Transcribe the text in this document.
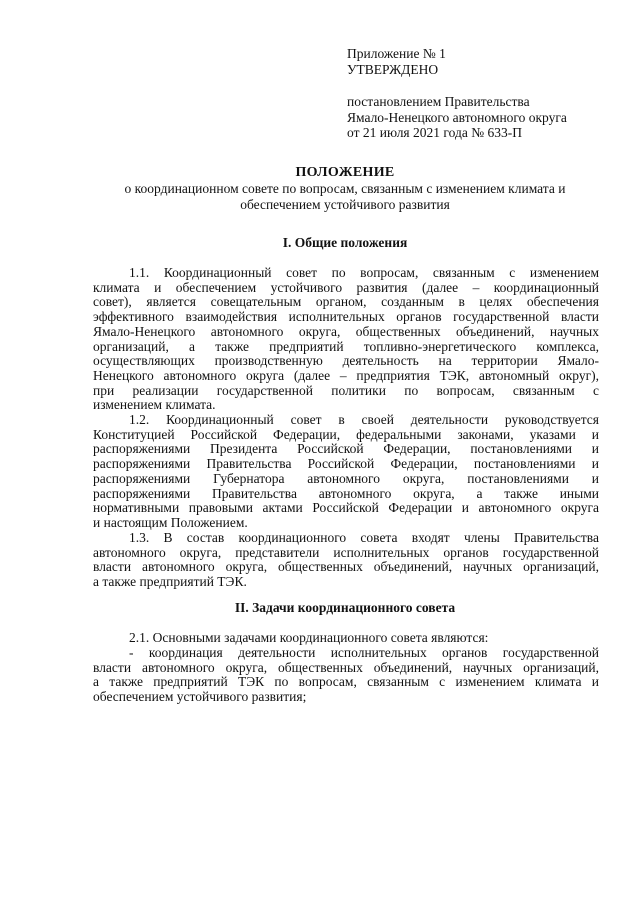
Приложение № 1
УТВЕРЖДЕНО
постановлением Правительства
Ямало-Ненецкого автономного округа
от 21 июля 2021 года № 633-П
ПОЛОЖЕНИЕ
о координационном совете по вопросам, связанным с изменением климата и
обеспечением устойчивого развития
I. Общие положения
1.1. Координационный совет по вопросам, связанным с изменением
климата и обеспечением устойчивого развития (далее – координационный
совет), является совещательным органом, созданным в целях обеспечения
эффективного взаимодействия исполнительных органов государственной власти
Ямало-Ненецкого автономного округа, общественных объединений, научных
организаций, а также предприятий топливно-энергетического комплекса,
осуществляющих производственную деятельность на территории Ямало-
Ненецкого автономного округа (далее – предприятия ТЭК, автономный округ),
при реализации государственной политики по вопросам, связанным с
изменением климата.
1.2. Координационный совет в своей деятельности руководствуется
Конституцией Российской Федерации, федеральными законами, указами и
распоряжениями Президента Российской Федерации, постановлениями и
распоряжениями Правительства Российской Федерации, постановлениями и
распоряжениями Губернатора автономного округа, постановлениями и
распоряжениями Правительства автономного округа, а также иными
нормативными правовыми актами Российской Федерации и автономного округа
и настоящим Положением.
1.3. В состав координационного совета входят члены Правительства
автономного округа, представители исполнительных органов государственной
власти автономного округа, общественных объединений, научных организаций,
а также предприятий ТЭК.
II. Задачи координационного совета
2.1. Основными задачами координационного совета являются:
- координация деятельности исполнительных органов государственной
власти автономного округа, общественных объединений, научных организаций,
а также предприятий ТЭК по вопросам, связанным с изменением климата и
обеспечением устойчивого развития;
